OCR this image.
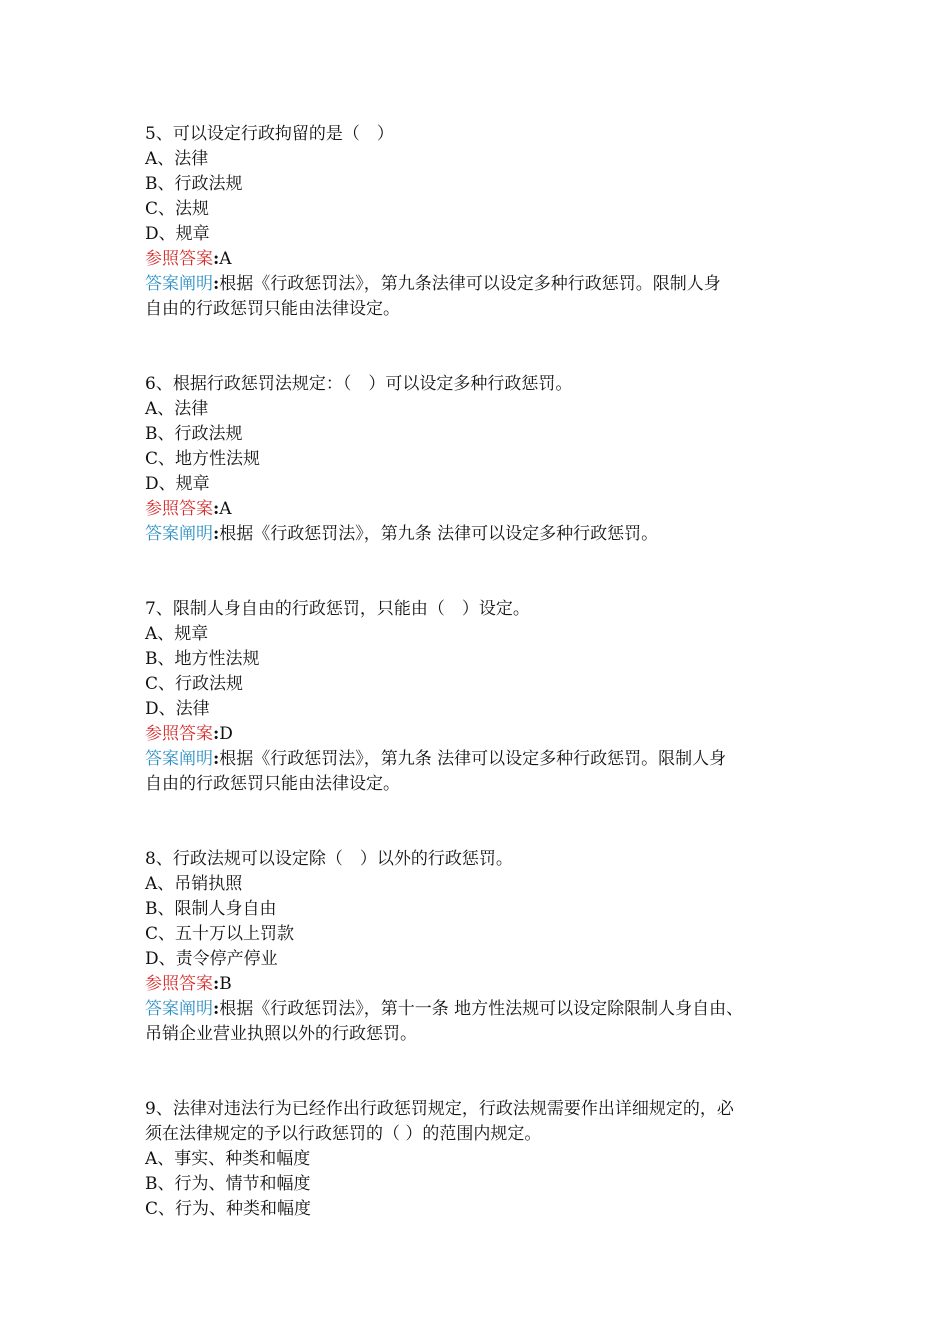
5、可以设定行政拘留的是（　）

A、法律

B、行政法规

C、法规

D、规章

参照答案:A

答案阐明:根据《行政惩罚法》，第九条法律可以设定多种行政惩罚。限制人身

自由的行政惩罚只能由法律设定。

6、根据行政惩罚法规定：（　）可以设定多种行政惩罚。

A、法律

B、行政法规

C、地方性法规

D、规章

参照答案:A

答案阐明:根据《行政惩罚法》，第九条 法律可以设定多种行政惩罚。

7、限制人身自由的行政惩罚，只能由（　）设定。

A、规章

B、地方性法规

C、行政法规

D、法律

参照答案:D

答案阐明:根据《行政惩罚法》，第九条 法律可以设定多种行政惩罚。限制人身

自由的行政惩罚只能由法律设定。

8、行政法规可以设定除（　）以外的行政惩罚。

A、吊销执照

B、限制人身自由

C、五十万以上罚款

D、责令停产停业

参照答案:B

答案阐明:根据《行政惩罚法》，第十一条 地方性法规可以设定除限制人身自由、

吊销企业营业执照以外的行政惩罚。

9、法律对违法行为已经作出行政惩罚规定，行政法规需要作出详细规定的，必

须在法律规定的予以行政惩罚的（ ）的范围内规定。

A、事实、种类和幅度

B、行为、情节和幅度

C、行为、种类和幅度
